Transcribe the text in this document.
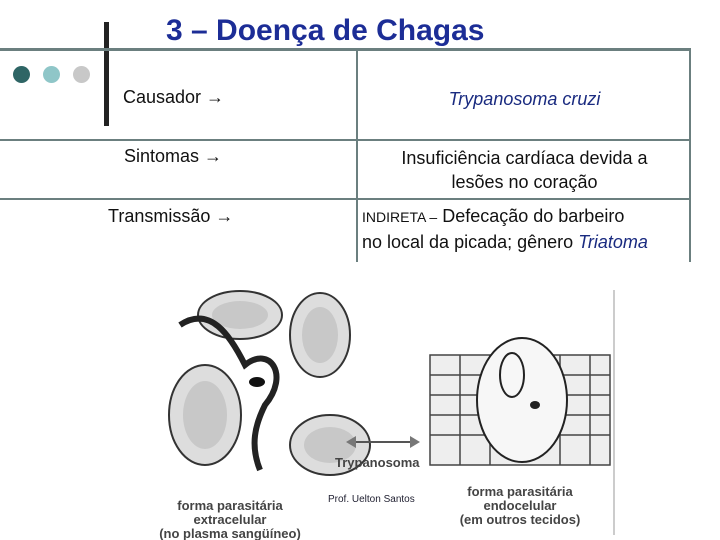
3 – Doença de Chagas
Causador →	Trypanosoma cruzi
Sintomas →	Insuficiência cardíaca devida a
lesões no coração
Transmissão →	INDIRETA – Defecação do barbeiro
no local da picada; gênero Triatoma
Trypanosoma
forma parasitária
extracelular
(no plasma sangüíneo)
forma parasitária
endocelular
(em outros tecidos)
Prof. Uelton Santos
